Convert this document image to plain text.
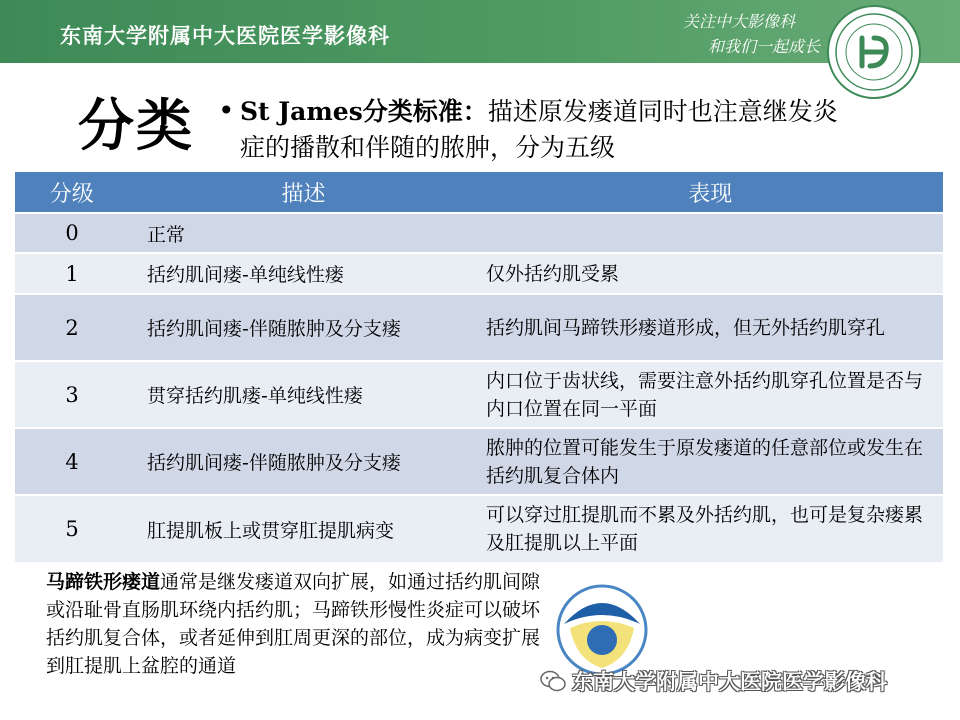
东南大学附属中大医院医学影像科
关注中大影像科
和我们一起成长
分类 • St James分类标准：描述原发瘘道同时也注意继发炎症的播散和伴随的脓肿，分为五级
分级	描述	表现
0	正常	
1	括约肌间瘘-单纯线性瘘	仅外括约肌受累
2	括约肌间瘘-伴随脓肿及分支瘘	括约肌间马蹄铁形瘘道形成，但无外括约肌穿孔
3	贯穿括约肌瘘-单纯线性瘘	内口位于齿状线，需要注意外括约肌穿孔位置是否与内口位置在同一平面
4	括约肌间瘘-伴随脓肿及分支瘘	脓肿的位置可能发生于原发瘘道的任意部位或发生在括约肌复合体内
5	肛提肌板上或贯穿肛提肌病变	可以穿过肛提肌而不累及外括约肌，也可是复杂瘘累及肛提肌以上平面
马蹄铁形瘘道通常是继发瘘道双向扩展，如通过括约肌间隙或沿耻骨直肠肌环绕内括约肌；马蹄铁形慢性炎症可以破坏括约肌复合体，或者延伸到肛周更深的部位，成为病变扩展到肛提肌上盆腔的通道
东南大学附属中大医院医学影像科
